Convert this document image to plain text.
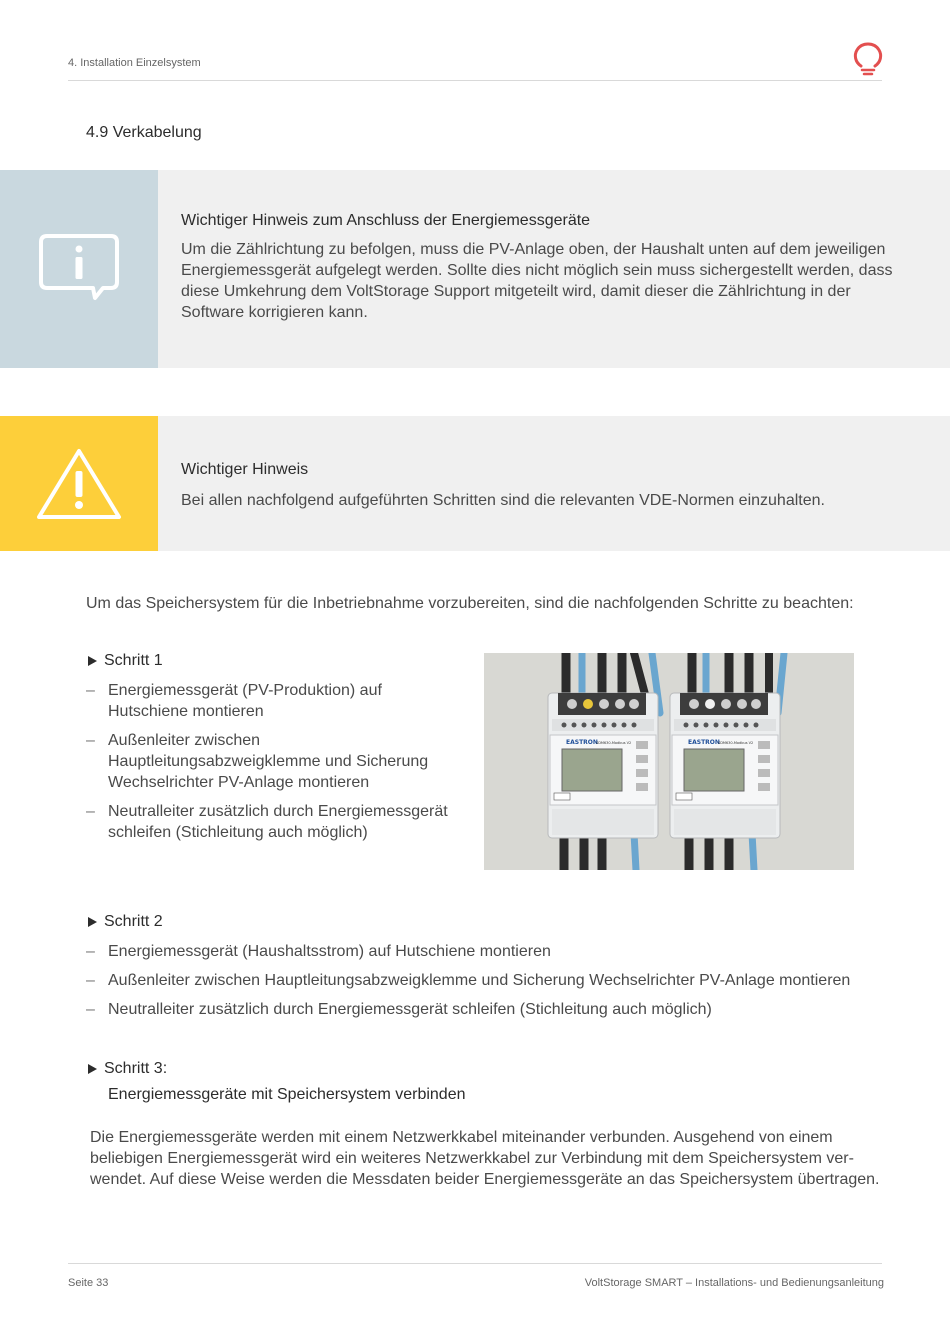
4. Installation Einzelsystem
4.9 Verkabelung

Wichtiger Hinweis zum Anschluss der Energiemessgeräte

Um die Zählrichtung zu befolgen, muss die PV-Anlage oben, der Haushalt unten auf dem jeweiligen Energiemessgerät aufgelegt werden. Sollte dies nicht möglich sein muss sichergestellt werden, dass diese Umkehrung dem VoltStorage Support mitgeteilt wird, damit dieser die Zählrichtung in der Software korrigieren kann.

Wichtiger Hinweis

Bei allen nachfolgend aufgeführten Schritten sind die relevanten VDE-Normen einzuhalten.

Um das Speichersystem für die Inbetriebnahme vorzubereiten, sind die nachfolgenden Schritte zu beachten:
Schritt 1
– Energiemessgerät (PV-Produktion) auf Hutschiene montieren
– Außenleiter zwischen Hauptleitungsabzweigklemme und Sicherung Wechselrichter PV-Anlage montieren
– Neutralleiter zusätzlich durch Energiemessgerät schleifen (Stichleitung auch möglich)
EASTRON
SDM630-Modbus V2	EASTRON
SDM630-Modbus V2
Schritt 2
– Energiemessgerät (Haushaltsstrom) auf Hutschiene montieren
– Außenleiter zwischen Hauptleitungsabzweigklemme und Sicherung Wechselrichter PV-Anlage montieren
– Neutralleiter zusätzlich durch Energiemessgerät schleifen (Stichleitung auch möglich)
Schritt 3:
Energiemessgeräte mit Speichersystem verbinden
Die Energiemessgeräte werden mit einem Netzwerkkabel miteinander verbunden. Ausgehend von einem beliebigen Energiemessgerät wird ein weiteres Netzwerkkabel zur Verbindung mit dem Speichersystem ver-wendet. Auf diese Weise werden die Messdaten beider Energiemessgeräte an das Speichersystem übertragen.
Seite 33	VoltStorage SMART – Installations- und Bedienungsanleitung
